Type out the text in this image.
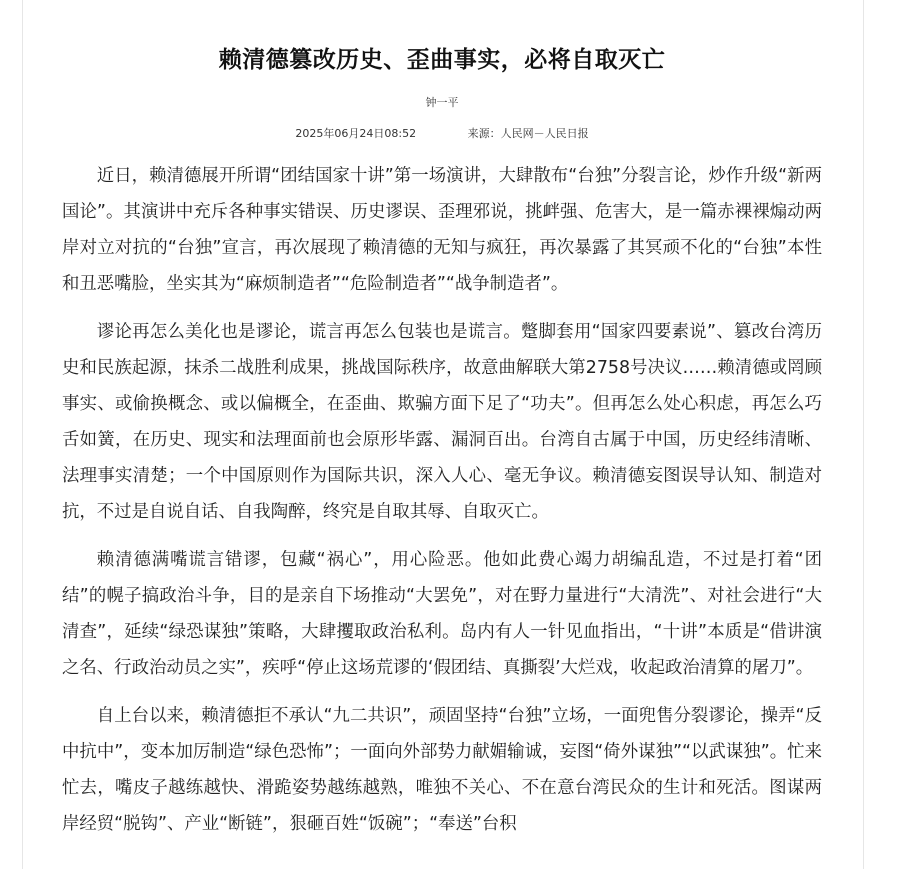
赖清德篡改历史、歪曲事实，必将自取灭亡
钟一平
2025年06月24日08:52	来源：人民网－人民日报

近日，赖清德展开所谓“团结国家十讲”第一场演讲，大肆散布“台独”分裂言论，炒作升级“新两国论”。其演讲中充斥各种事实错误、历史谬误、歪理邪说，挑衅强、危害大，是一篇赤裸裸煽动两岸对立对抗的“台独”宣言，再次展现了赖清德的无知与疯狂，再次暴露了其冥顽不化的“台独”本性和丑恶嘴脸，坐实其为“麻烦制造者”“危险制造者”“战争制造者”。

谬论再怎么美化也是谬论，谎言再怎么包装也是谎言。蹩脚套用“国家四要素说”、篡改台湾历史和民族起源，抹杀二战胜利成果，挑战国际秩序，故意曲解联大第2758号决议……赖清德或罔顾事实、或偷换概念、或以偏概全，在歪曲、欺骗方面下足了“功夫”。但再怎么处心积虑，再怎么巧舌如簧，在历史、现实和法理面前也会原形毕露、漏洞百出。台湾自古属于中国，历史经纬清晰、法理事实清楚；一个中国原则作为国际共识，深入人心、毫无争议。赖清德妄图误导认知、制造对抗，不过是自说自话、自我陶醉，终究是自取其辱、自取灭亡。

赖清德满嘴谎言错谬，包藏“祸心”，用心险恶。他如此费心竭力胡编乱造，不过是打着“团结”的幌子搞政治斗争，目的是亲自下场推动“大罢免”，对在野力量进行“大清洗”、对社会进行“大清查”，延续“绿恐谋独”策略，大肆攫取政治私利。岛内有人一针见血指出，“十讲”本质是“借讲演之名、行政治动员之实”，疾呼“停止这场荒谬的‘假团结、真撕裂’大烂戏，收起政治清算的屠刀”。

自上台以来，赖清德拒不承认“九二共识”，顽固坚持“台独”立场，一面兜售分裂谬论，操弄“反中抗中”，变本加厉制造“绿色恐怖”；一面向外部势力献媚输诚，妄图“倚外谋独”“以武谋独”。忙来忙去，嘴皮子越练越快、滑跪姿势越练越熟，唯独不关心、不在意台湾民众的生计和死活。图谋两岸经贸“脱钩”、产业“断链”，狠砸百姓“饭碗”；“奉送”台积
